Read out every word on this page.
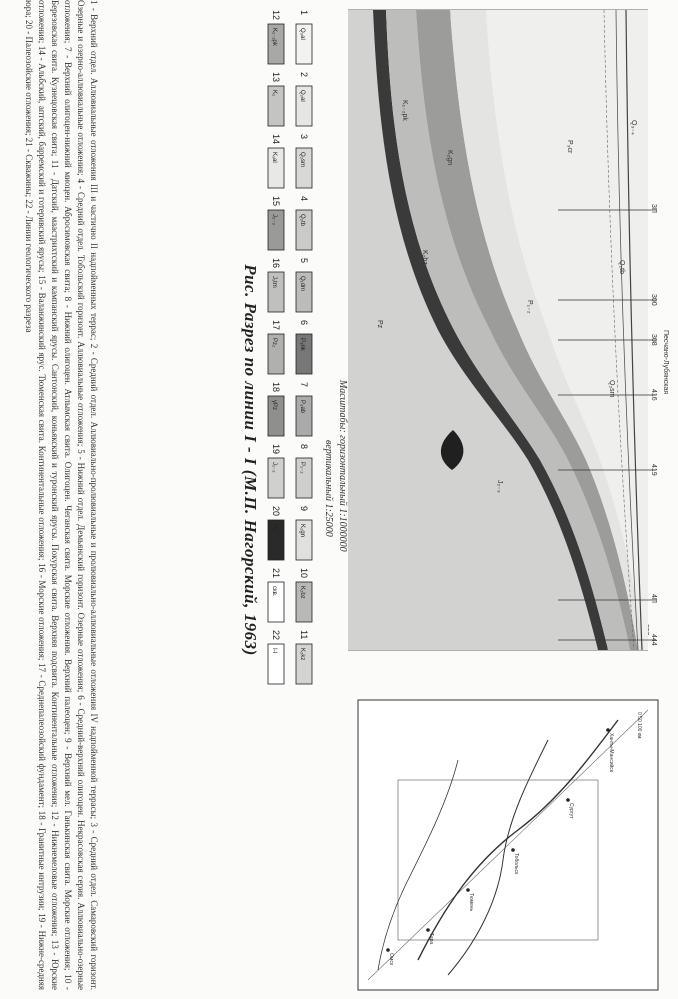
3П
308
416
300
419
4П
444
Q₃₋₄
Q₂tb
Q₂sm
P₃cr
P₁₋₂
K₂gn
K₂bz
K₁₋₂pk
J₂₋₃
Pz
Песчано-Лубянская
0 50 100 км
Ханты-Мансийск
Сургут
Тобольск
Тюмень
Тара
Омск
Масштабы: горизонтальный 1:1000000
вертикальный 1:25000
1
Q₃al
2
Q₂al
3
Q₂sm
4
Q₂tb
5
Q₁dm
6
P₃nk
7
P₃ab
8
P₁₋₂
9
K₂gn
10
K₂bz
11
K₂kz
12
K₁₋₂pk
13
K₁
14
K₁al
15
J₂₋₃
16
J₁tm
17
Pz₂
18
γPz
19
J₁₋₂
20
Pz
21
скв.
22
I-I
Рис. Разрез по линии I - I (М.П. Нагорский, 1963)
1 - Верхний отдел. Аллювиальные отложения III и частично II надпойменных террас; 2 - Средний отдел. Аллювиально-пролювиальные и пролювиально-аллювиальные отложения IV надпойменной террасы; 3 - Средний отдел. Самаровский горизонт. Озерные и озерно-аллювиальные отложения; 4 - Средний отдел. Тобольский горизонт. Аллювиальные отложения; 5 - Нижний отдел. Демьянский горизонт. Озерные отложения; 6 - Средний-верхний олигоцен. Некрасовская серия. Аллювиально-озерные отложения; 7 - Верхний олигоцен-нижний миоцен. Абросимовская свита; 8 - Нижний олигоцен. Атлымская свита. Олигоцен. Чеганская свита. Морские отложения. Верхний палеоцен; 9 - Верхний мел. Ганькинская свита. Морские отложения; 10 - Березовская свита. Кузнецовская свита; 11 - Датский, маастрихтский и кампанский ярусы. Сантонский, коньякский и туронский ярусы. Покурская свита. Верхняя подсвита. Континентальные отложения; 12 - Нижнемеловые отложения; 13 - Юрские отложения; 14 - Альбский, аптский, барремский и готеривский ярусы; 15 - Валанжинский ярус. Тюменская свита. Континентальные отложения; 16 - Морские отложения; 17 - Среднепалеозойский фундамент; 18 - Гранитные интрузии; 19 - Нижне-средняя юра; 20 - Палеозойские отложения; 21 - Скважины; 22 - Линии геологического разреза
